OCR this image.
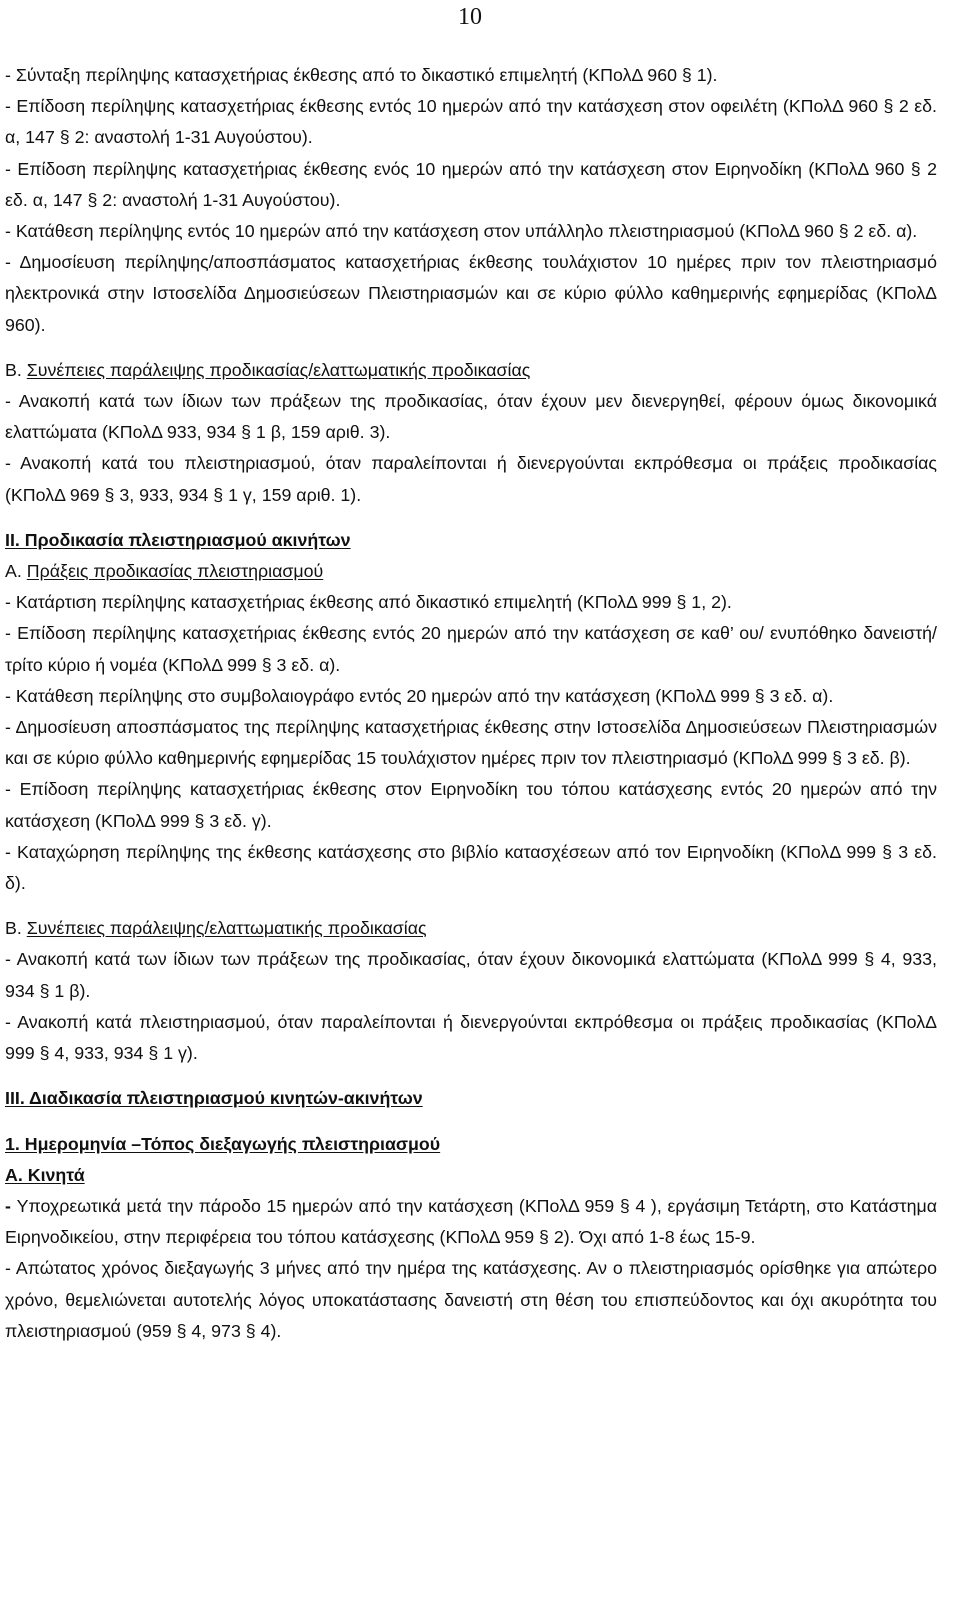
10

- Σύνταξη περίληψης κατασχετήριας έκθεσης από το δικαστικό επιμελητή (ΚΠολΔ 960 § 1).

- Επίδοση περίληψης κατασχετήριας έκθεσης εντός 10 ημερών από την κατάσχεση στον οφειλέτη (ΚΠολΔ 960 § 2 εδ. α, 147 § 2: αναστολή 1-31 Αυγούστου).

- Επίδοση περίληψης κατασχετήριας έκθεσης ενός 10 ημερών από την κατάσχεση στον Ειρηνοδίκη (ΚΠολΔ 960 § 2 εδ. α, 147 § 2: αναστολή 1-31 Αυγούστου).

- Κατάθεση περίληψης εντός 10 ημερών από την κατάσχεση στον υπάλληλο πλειστηριασμού (ΚΠολΔ 960 § 2 εδ. α).

- Δημοσίευση περίληψης/αποσπάσματος κατασχετήριας έκθεσης τουλάχιστον 10 ημέρες πριν τον πλειστηριασμό ηλεκτρονικά στην Ιστοσελίδα Δημοσιεύσεων Πλειστηριασμών και σε κύριο φύλλο καθημερινής εφημερίδας (ΚΠολΔ 960).

Β. Συνέπειες παράλειψης προδικασίας/ελαττωματικής προδικασίας

- Ανακοπή κατά των ίδιων των πράξεων της προδικασίας, όταν έχουν μεν διενεργηθεί, φέρουν όμως δικονομικά ελαττώματα (ΚΠολΔ 933, 934 § 1 β, 159 αριθ. 3).

- Ανακοπή κατά του πλειστηριασμού, όταν παραλείπονται ή διενεργούνται εκπρόθεσμα οι πράξεις προδικασίας (ΚΠολΔ 969 § 3, 933, 934 § 1 γ, 159 αριθ. 1).

ΙΙ. Προδικασία πλειστηριασμού ακινήτων

Α. Πράξεις προδικασίας πλειστηριασμού

- Κατάρτιση περίληψης κατασχετήριας έκθεσης από δικαστικό επιμελητή (ΚΠολΔ 999 § 1, 2).

- Επίδοση περίληψης κατασχετήριας έκθεσης εντός 20 ημερών από την κατάσχεση σε καθ’ ου/ ενυπόθηκο δανειστή/ τρίτο κύριο ή νομέα (ΚΠολΔ 999 § 3 εδ. α).

- Κατάθεση περίληψης στο συμβολαιογράφο εντός 20 ημερών από την κατάσχεση (ΚΠολΔ 999 § 3 εδ. α).

- Δημοσίευση αποσπάσματος της περίληψης κατασχετήριας έκθεσης στην Ιστοσελίδα Δημοσιεύσεων Πλειστηριασμών και σε κύριο φύλλο καθημερινής εφημερίδας 15 τουλάχιστον ημέρες πριν τον πλειστηριασμό (ΚΠολΔ 999 § 3 εδ. β).

- Επίδοση περίληψης κατασχετήριας έκθεσης στον Ειρηνοδίκη του τόπου κατάσχεσης εντός 20 ημερών από την κατάσχεση (ΚΠολΔ 999 § 3 εδ. γ).

- Καταχώρηση περίληψης της έκθεσης κατάσχεσης στο βιβλίο κατασχέσεων από τον Ειρηνοδίκη (ΚΠολΔ 999 § 3 εδ. δ).

Β. Συνέπειες παράλειψης/ελαττωματικής προδικασίας

- Ανακοπή κατά των ίδιων των πράξεων της προδικασίας, όταν έχουν δικονομικά ελαττώματα (ΚΠολΔ 999 § 4, 933, 934 § 1 β).

- Ανακοπή κατά πλειστηριασμού, όταν παραλείπονται ή διενεργούνται εκπρόθεσμα οι πράξεις προδικασίας (ΚΠολΔ 999 § 4, 933, 934 § 1 γ).

ΙΙΙ. Διαδικασία πλειστηριασμού κινητών-ακινήτων

1. Ημερομηνία –Τόπος διεξαγωγής πλειστηριασμού

Α. Κινητά

- Υποχρεωτικά μετά την πάροδο 15 ημερών από την κατάσχεση (ΚΠολΔ 959 § 4 ), εργάσιμη Τετάρτη, στο Κατάστημα Ειρηνοδικείου, στην περιφέρεια του τόπου κατάσχεσης (ΚΠολΔ 959 § 2). Όχι από 1-8 έως 15-9.

- Απώτατος χρόνος διεξαγωγής 3 μήνες από την ημέρα της κατάσχεσης. Αν ο πλειστηριασμός ορίσθηκε για απώτερο χρόνο, θεμελιώνεται αυτοτελής λόγος υποκατάστασης δανειστή στη θέση του επισπεύδοντος και όχι ακυρότητα του πλειστηριασμού (959 § 4, 973 § 4).
